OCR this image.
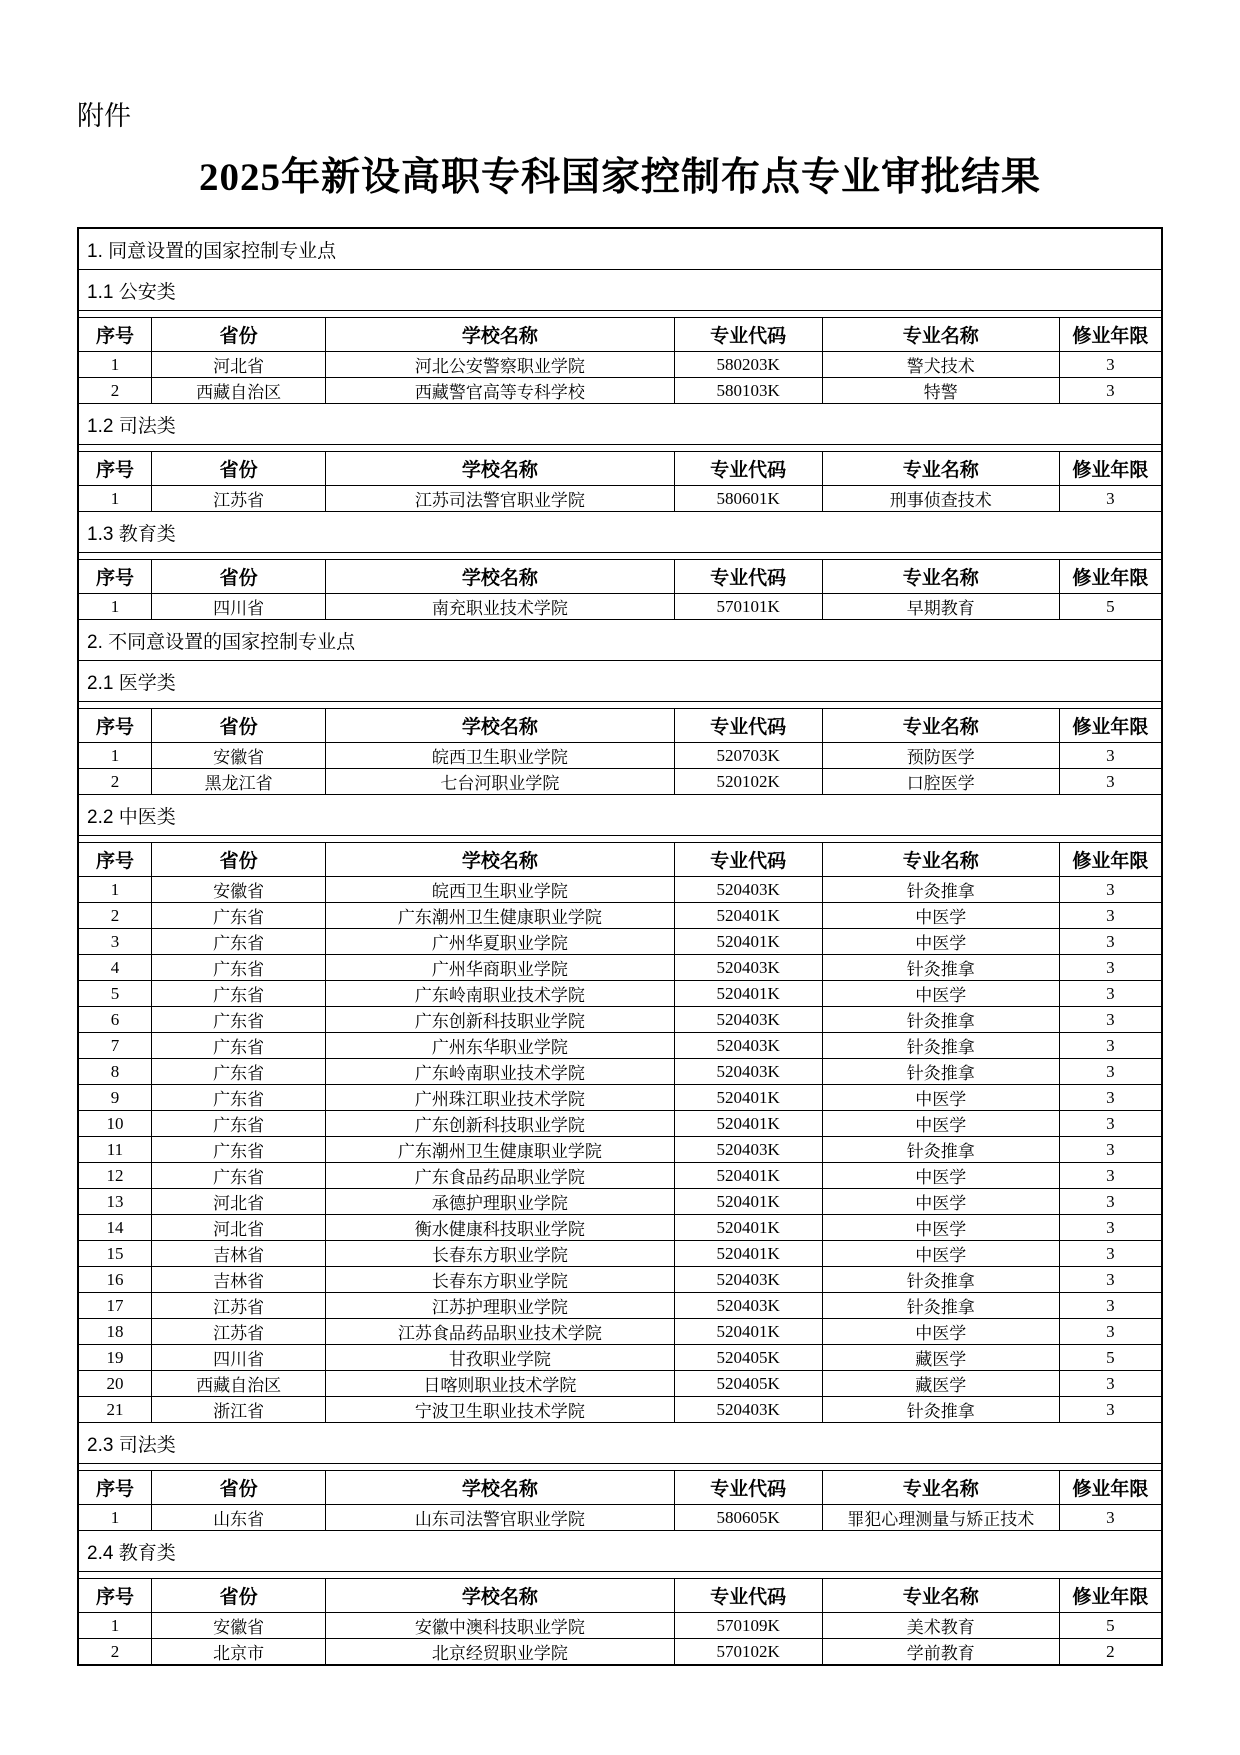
附件
2025年新设高职专科国家控制布点专业审批结果
1. 同意设置的国家控制专业点
1.1 公安类
序号	省份	学校名称	专业代码	专业名称	修业年限
1	河北省	河北公安警察职业学院	580203K	警犬技术	3
2	西藏自治区	西藏警官高等专科学校	580103K	特警	3
1.2 司法类
序号	省份	学校名称	专业代码	专业名称	修业年限
1	江苏省	江苏司法警官职业学院	580601K	刑事侦查技术	3
1.3 教育类
序号	省份	学校名称	专业代码	专业名称	修业年限
1	四川省	南充职业技术学院	570101K	早期教育	5
2. 不同意设置的国家控制专业点
2.1 医学类
序号	省份	学校名称	专业代码	专业名称	修业年限
1	安徽省	皖西卫生职业学院	520703K	预防医学	3
2	黑龙江省	七台河职业学院	520102K	口腔医学	3
2.2 中医类
序号	省份	学校名称	专业代码	专业名称	修业年限
1	安徽省	皖西卫生职业学院	520403K	针灸推拿	3
2	广东省	广东潮州卫生健康职业学院	520401K	中医学	3
3	广东省	广州华夏职业学院	520401K	中医学	3
4	广东省	广州华商职业学院	520403K	针灸推拿	3
5	广东省	广东岭南职业技术学院	520401K	中医学	3
6	广东省	广东创新科技职业学院	520403K	针灸推拿	3
7	广东省	广州东华职业学院	520403K	针灸推拿	3
8	广东省	广东岭南职业技术学院	520403K	针灸推拿	3
9	广东省	广州珠江职业技术学院	520401K	中医学	3
10	广东省	广东创新科技职业学院	520401K	中医学	3
11	广东省	广东潮州卫生健康职业学院	520403K	针灸推拿	3
12	广东省	广东食品药品职业学院	520401K	中医学	3
13	河北省	承德护理职业学院	520401K	中医学	3
14	河北省	衡水健康科技职业学院	520401K	中医学	3
15	吉林省	长春东方职业学院	520401K	中医学	3
16	吉林省	长春东方职业学院	520403K	针灸推拿	3
17	江苏省	江苏护理职业学院	520403K	针灸推拿	3
18	江苏省	江苏食品药品职业技术学院	520401K	中医学	3
19	四川省	甘孜职业学院	520405K	藏医学	5
20	西藏自治区	日喀则职业技术学院	520405K	藏医学	3
21	浙江省	宁波卫生职业技术学院	520403K	针灸推拿	3
2.3 司法类
序号	省份	学校名称	专业代码	专业名称	修业年限
1	山东省	山东司法警官职业学院	580605K	罪犯心理测量与矫正技术	3
2.4 教育类
序号	省份	学校名称	专业代码	专业名称	修业年限
1	安徽省	安徽中澳科技职业学院	570109K	美术教育	5
2	北京市	北京经贸职业学院	570102K	学前教育	2
